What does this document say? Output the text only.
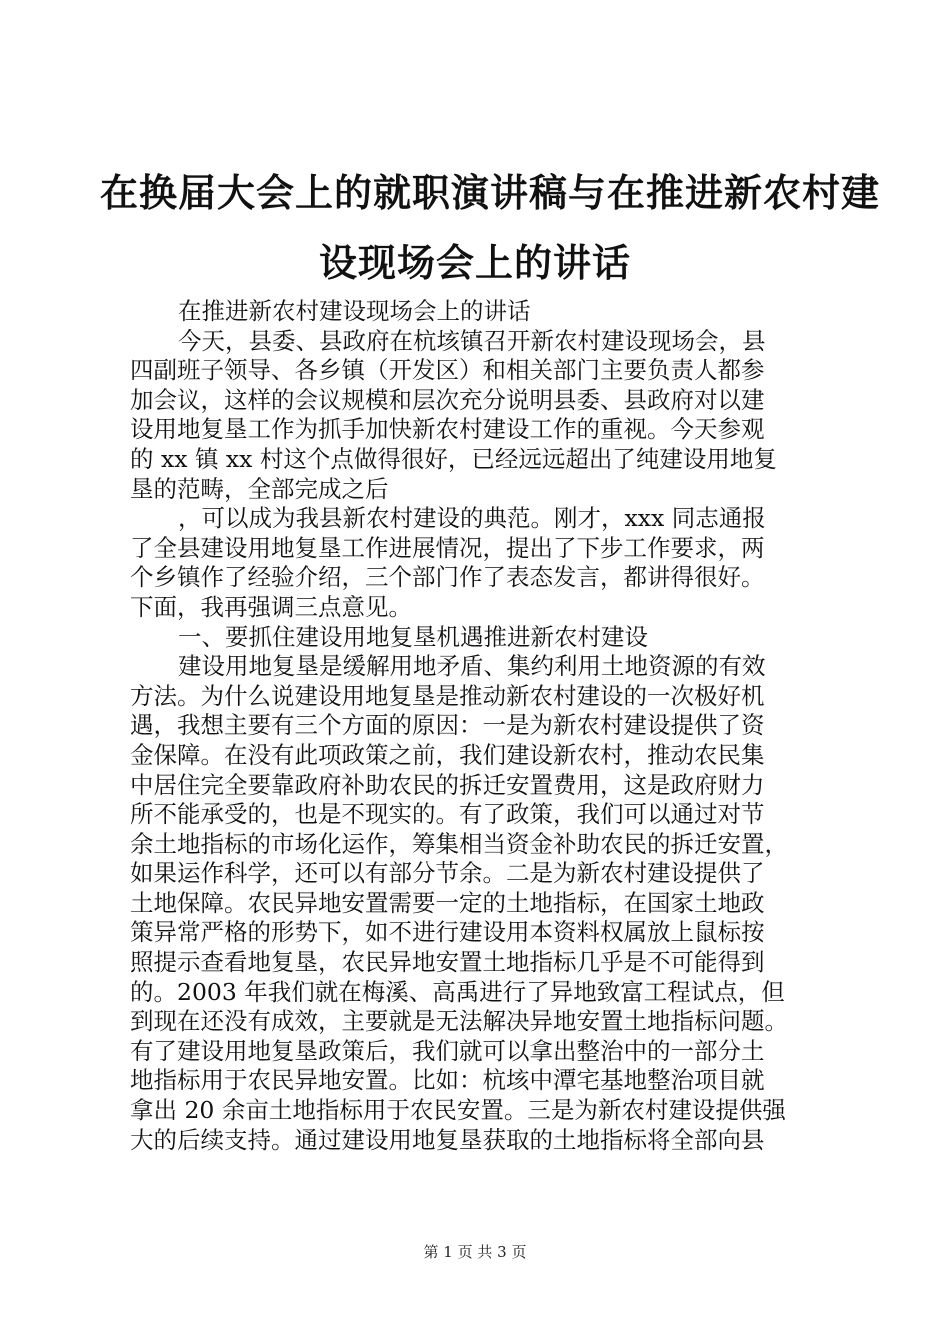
在换届大会上的就职演讲稿与在推进新农村建
设现场会上的讲话
在推进新农村建设现场会上的讲话
今天，县委、县政府在杭垓镇召开新农村建设现场会，县
四副班子领导、各乡镇（开发区）和相关部门主要负责人都参
加会议，这样的会议规模和层次充分说明县委、县政府对以建
设用地复垦工作为抓手加快新农村建设工作的重视。今天参观
的 xx 镇 xx 村这个点做得很好，已经远远超出了纯建设用地复
垦的范畴，全部完成之后
，可以成为我县新农村建设的典范。刚才，xxx 同志通报
了全县建设用地复垦工作进展情况，提出了下步工作要求，两
个乡镇作了经验介绍，三个部门作了表态发言，都讲得很好。
下面，我再强调三点意见。
一、要抓住建设用地复垦机遇推进新农村建设
建设用地复垦是缓解用地矛盾、集约利用土地资源的有效
方法。为什么说建设用地复垦是推动新农村建设的一次极好机
遇，我想主要有三个方面的原因：一是为新农村建设提供了资
金保障。在没有此项政策之前，我们建设新农村，推动农民集
中居住完全要靠政府补助农民的拆迁安置费用，这是政府财力
所不能承受的，也是不现实的。有了政策，我们可以通过对节
余土地指标的市场化运作，筹集相当资金补助农民的拆迁安置，
如果运作科学，还可以有部分节余。二是为新农村建设提供了
土地保障。农民异地安置需要一定的土地指标，在国家土地政
策异常严格的形势下，如不进行建设用本资料权属放上鼠标按
照提示查看地复垦，农民异地安置土地指标几乎是不可能得到
的。2003 年我们就在梅溪、高禹进行了异地致富工程试点，但
到现在还没有成效，主要就是无法解决异地安置土地指标问题。
有了建设用地复垦政策后，我们就可以拿出整治中的一部分土
地指标用于农民异地安置。比如：杭垓中潭宅基地整治项目就
拿出 20 余亩土地指标用于农民安置。三是为新农村建设提供强
大的后续支持。通过建设用地复垦获取的土地指标将全部向县
第 1 页 共 3 页
